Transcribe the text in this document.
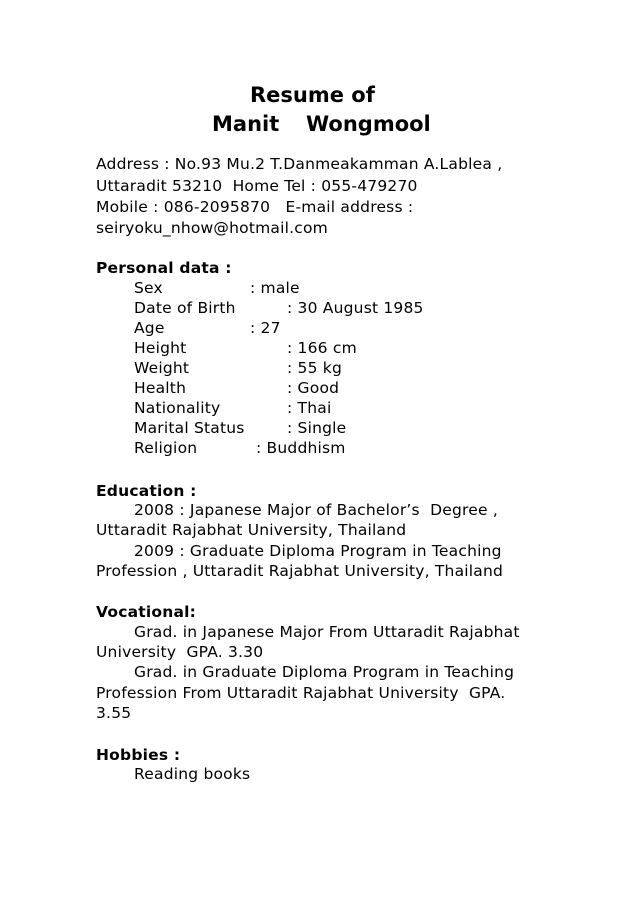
Resume of
Manit Wongmool
Address : No.93 Mu.2 T.Danmeakamman A.Lablea ,
Uttaradit 53210  Home Tel : 055-479270
Mobile : 086-2095870   E-mail address :
seiryoku_nhow@hotmail.com
Personal data :
Sex	: male
Date of Birth	: 30 August 1985
Age	: 27
Height	: 166 cm
Weight	: 55 kg
Health	: Good
Nationality	: Thai
Marital Status	: Single
Religion	: Buddhism
Education :
2008 : Japanese Major of Bachelor’s  Degree ,
Uttaradit Rajabhat University, Thailand
2009 : Graduate Diploma Program in Teaching
Profession , Uttaradit Rajabhat University, Thailand
Vocational:
Grad. in Japanese Major From Uttaradit Rajabhat
University  GPA. 3.30
Grad. in Graduate Diploma Program in Teaching
Profession From Uttaradit Rajabhat University  GPA.
3.55
Hobbies :
Reading books
